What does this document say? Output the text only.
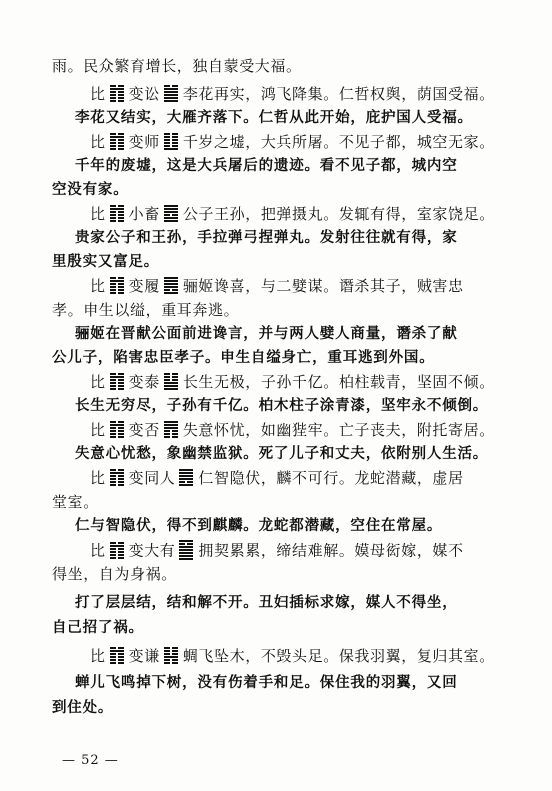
雨。民众繁育增长，独自蒙受大福。
比 变讼 李花再实，鸿飞降集。仁哲权舆，荫国受福。
李花又结实，大雁齐落下。仁哲从此开始，庇护国人受福。
比 变师 千岁之墟，大兵所屠。不见子都，城空无家。
千年的废墟，这是大兵屠后的遗迹。看不见子都，城内空
空没有家。
比 小畜 公子王孙，把弹摄丸。发辄有得，室家饶足。
贵家公子和王孙，手拉弹弓捏弹丸。发射往往就有得，家
里殷实又富足。
比 变履 骊姬谗喜，与二嬖谋。谮杀其子，贼害忠
孝。申生以缢，重耳奔逃。
骊姬在晋献公面前进谗言，并与两人嬖人商量，谮杀了献
公儿子，陷害忠臣孝子。申生自缢身亡，重耳逃到外国。
比 变泰 长生无极，子孙千亿。柏柱载青，坚固不倾。
长生无穷尽，子孙有千亿。柏木柱子涂青漆，坚牢永不倾倒。
比 变否 失意怀忧，如幽狴牢。亡子丧夫，附托寄居。
失意心忧愁，象幽禁监狱。死了儿子和丈夫，依附别人生活。
比 变同人 仁智隐伏，麟不可行。龙蛇潜藏，虚居
堂室。
仁与智隐伏，得不到麒麟。龙蛇都潜藏，空住在常屋。
比 变大有 拥契累累，缔结难解。嫫母衒嫁，媒不
得坐，自为身祸。
打了层层结，结和解不开。丑妇插标求嫁，媒人不得坐，
自己招了祸。
比 变谦 蜩飞坠木，不毁头足。保我羽翼，复归其室。
蝉儿飞鸣掉下树，没有伤着手和足。保住我的羽翼，又回
到住处。
— 52 —
